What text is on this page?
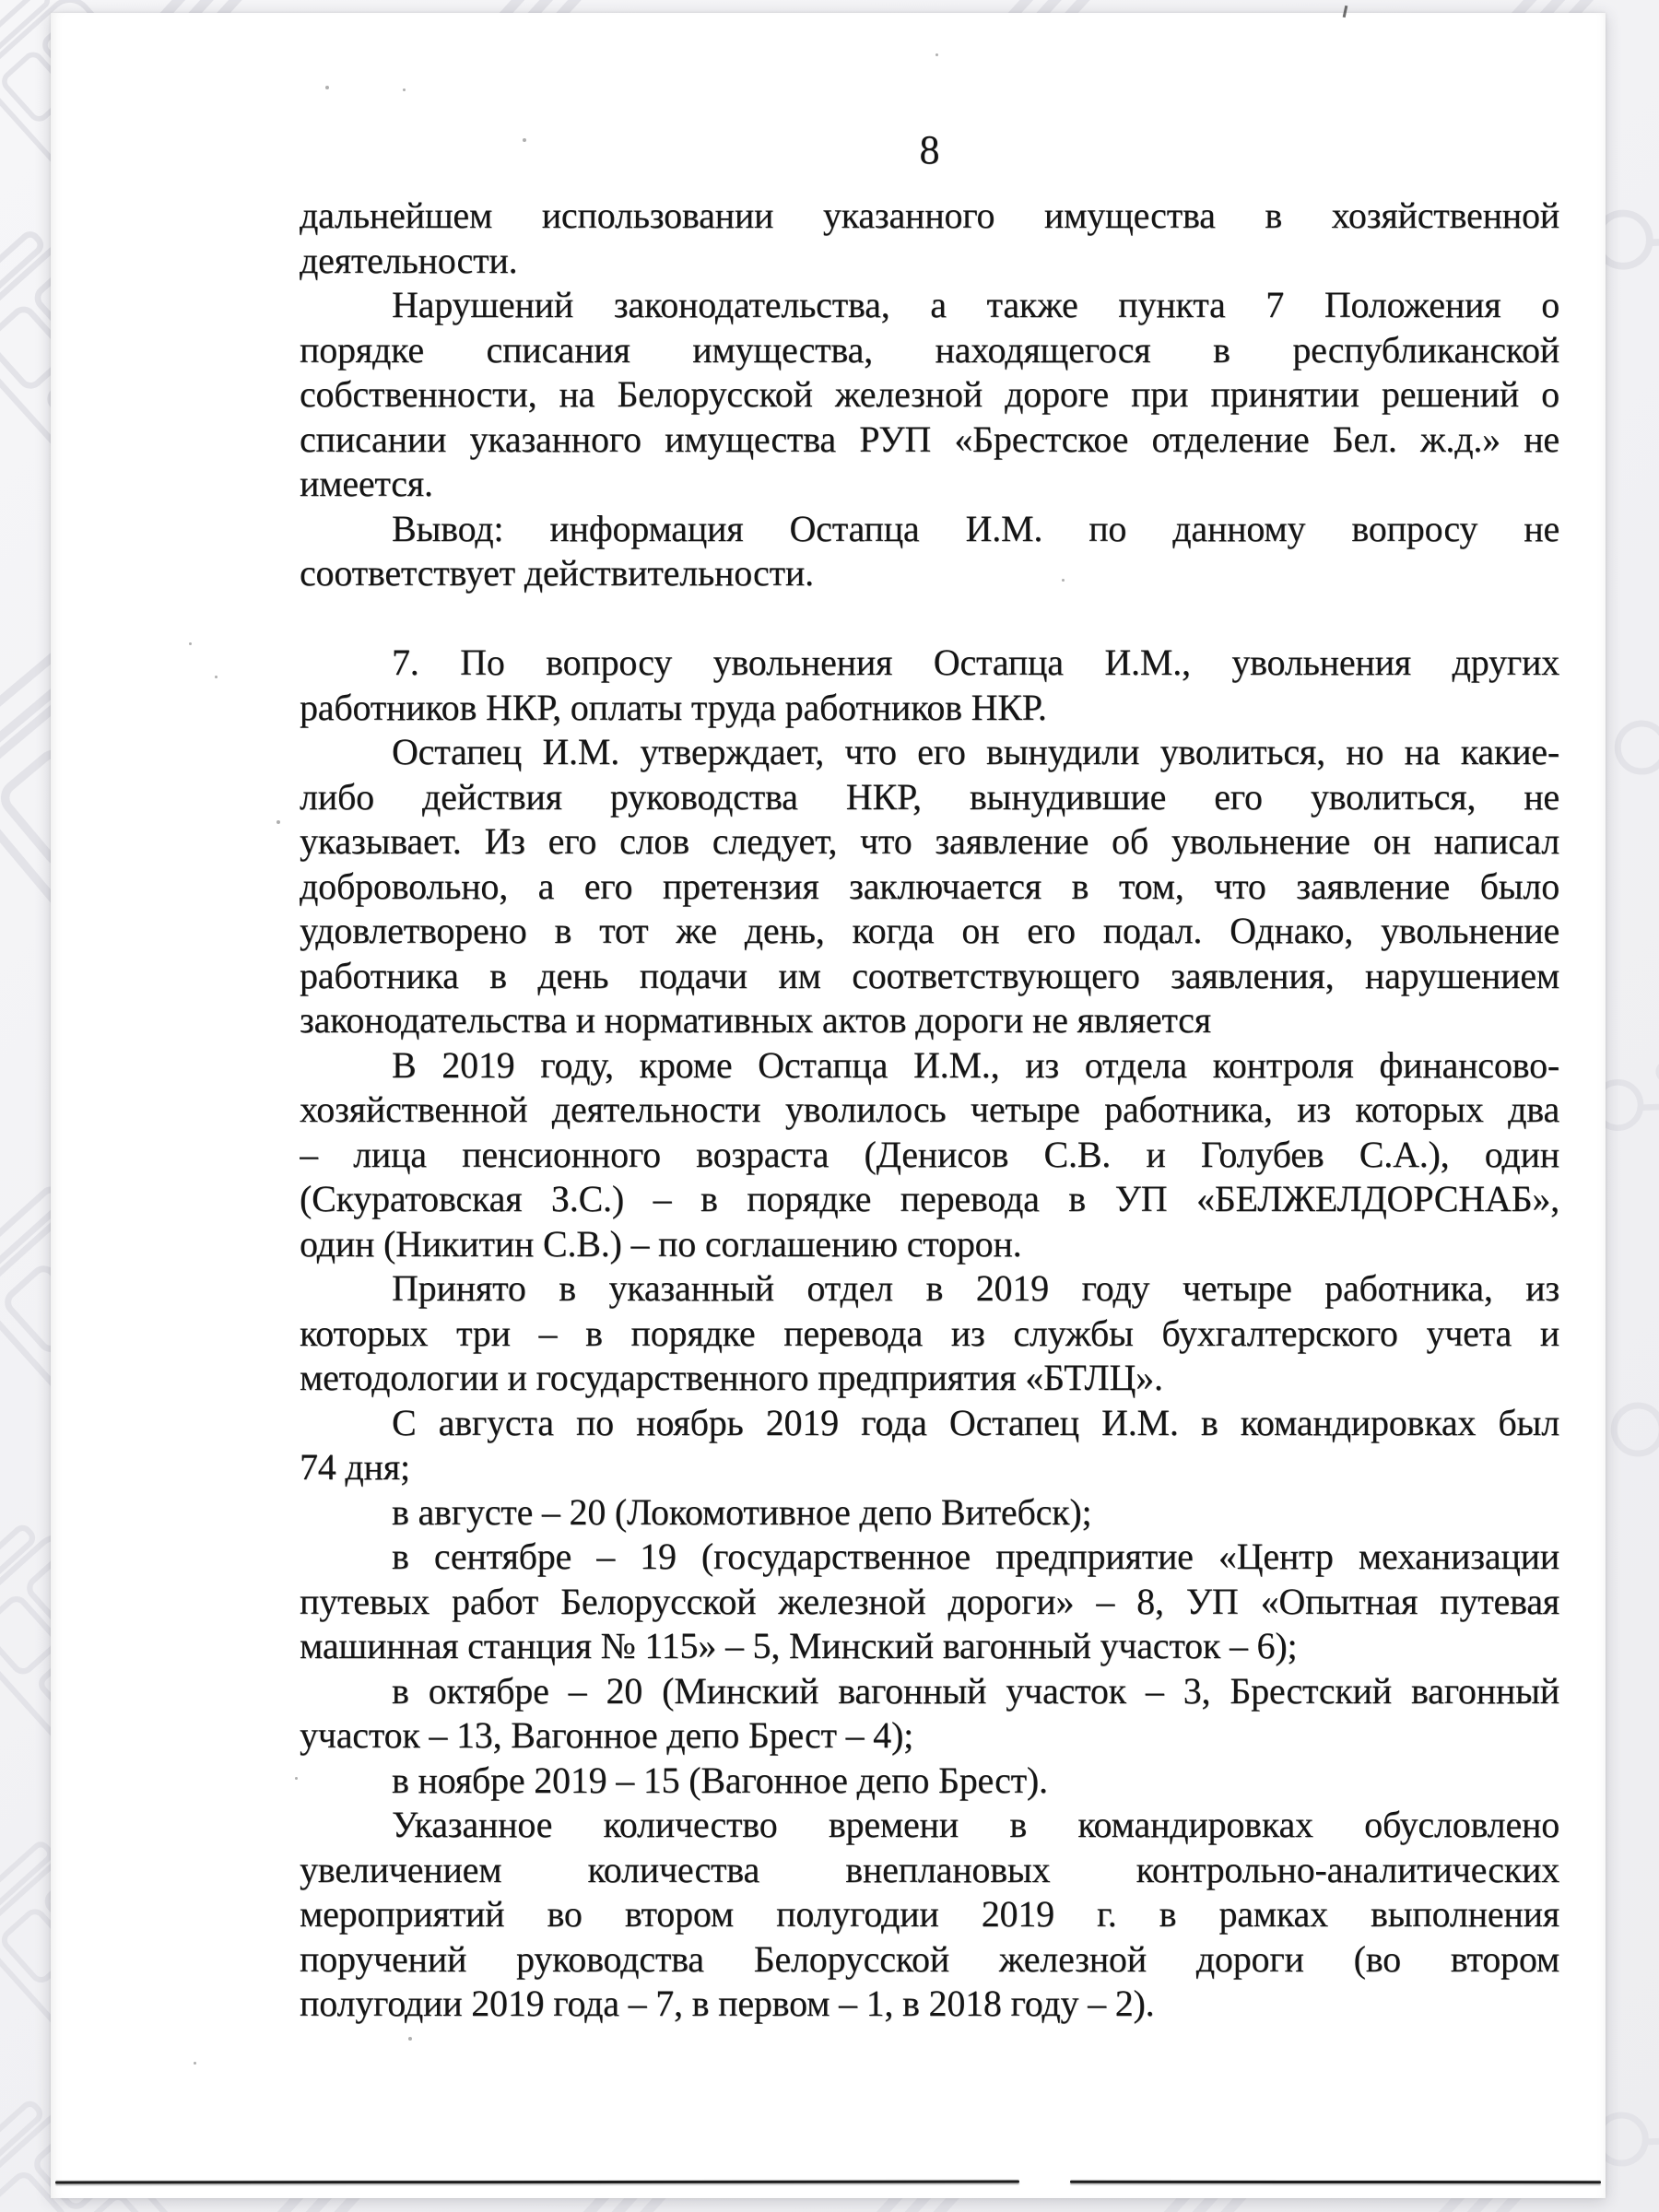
8
дальнейшем использовании указанного имущества в хозяйственной
деятельности.
Нарушений законодательства, а также пункта 7 Положения о
порядке списания имущества, находящегося в республиканской
собственности, на Белорусской железной дороге при принятии решений о
списании указанного имущества РУП «Брестское отделение Бел. ж.д.» не
имеется.
Вывод: информация Остапца И.М. по данному вопросу не
соответствует действительности.
7. По вопросу увольнения Остапца И.М., увольнения других
работников НКР, оплаты труда работников НКР.
Остапец И.М. утверждает, что его вынудили уволиться, но на какие-
либо действия руководства НКР, вынудившие его уволиться, не
указывает. Из его слов следует, что заявление об увольнение он написал
добровольно, а его претензия заключается в том, что заявление было
удовлетворено в тот же день, когда он его подал. Однако, увольнение
работника в день подачи им соответствующего заявления, нарушением
законодательства и нормативных актов дороги не является
В 2019 году, кроме Остапца И.М., из отдела контроля финансово-
хозяйственной деятельности уволилось четыре работника, из которых два
– лица пенсионного возраста (Денисов С.В. и Голубев С.А.), один
(Скуратовская З.С.) – в порядке перевода в УП «БЕЛЖЕЛДОРСНАБ»,
один (Никитин С.В.) – по соглашению сторон.
Принято в указанный отдел в 2019 году четыре работника, из
которых три – в порядке перевода из службы бухгалтерского учета и
методологии и государственного предприятия «БТЛЦ».
С августа по ноябрь 2019 года Остапец И.М. в командировках был
74 дня;
в августе – 20 (Локомотивное депо Витебск);
в сентябре – 19 (государственное предприятие «Центр механизации
путевых работ Белорусской железной дороги» – 8, УП «Опытная путевая
машинная станция № 115» – 5, Минский вагонный участок – 6);
в октябре – 20 (Минский вагонный участок – 3, Брестский вагонный
участок – 13, Вагонное депо Брест – 4);
в ноябре 2019 – 15 (Вагонное депо Брест).
Указанное количество времени в командировках обусловлено
увеличением количества внеплановых контрольно-аналитических
мероприятий во втором полугодии 2019 г. в рамках выполнения
поручений руководства Белорусской железной дороги (во втором
полугодии 2019 года – 7, в первом – 1, в 2018 году – 2).
